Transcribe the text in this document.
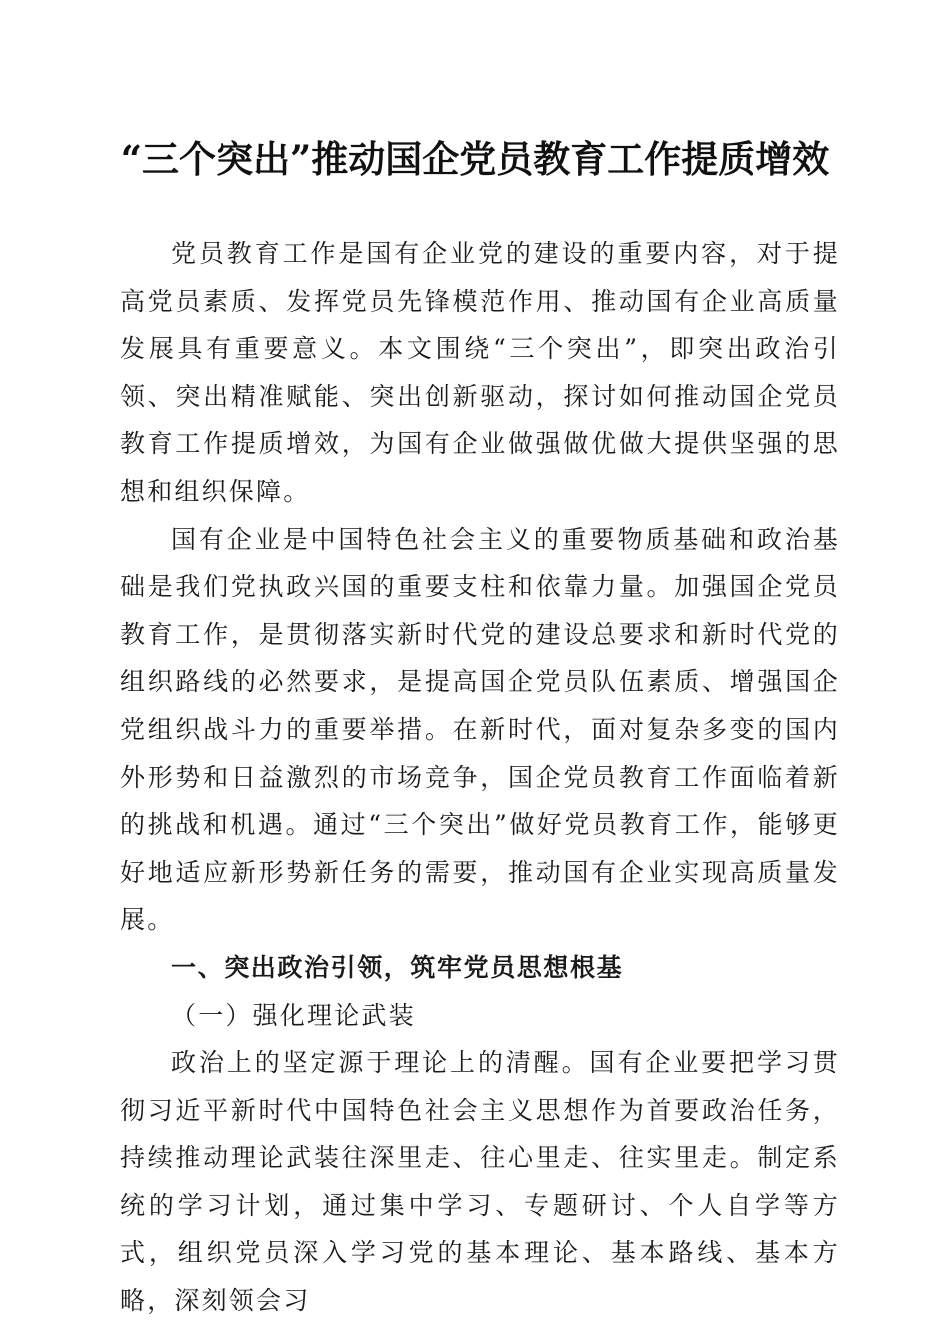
“三个突出”推动国企党员教育工作提质增效

党员教育工作是国有企业党的建设的重要内容，对于提高党员素质、发挥党员先锋模范作用、推动国有企业高质量发展具有重要意义。本文围绕“三个突出”，即突出政治引领、突出精准赋能、突出创新驱动，探讨如何推动国企党员教育工作提质增效，为国有企业做强做优做大提供坚强的思想和组织保障。

国有企业是中国特色社会主义的重要物质基础和政治基础是我们党执政兴国的重要支柱和依靠力量。加强国企党员教育工作，是贯彻落实新时代党的建设总要求和新时代党的组织路线的必然要求，是提高国企党员队伍素质、增强国企党组织战斗力的重要举措。在新时代，面对复杂多变的国内外形势和日益激烈的市场竞争，国企党员教育工作面临着新的挑战和机遇。通过“三个突出”做好党员教育工作，能够更好地适应新形势新任务的需要，推动国有企业实现高质量发展。

一、突出政治引领，筑牢党员思想根基

（一）强化理论武装

政治上的坚定源于理论上的清醒。国有企业要把学习贯彻习近平新时代中国特色社会主义思想作为首要政治任务，持续推动理论武装往深里走、往心里走、往实里走。制定系统的学习计划，通过集中学习、专题研讨、个人自学等方式，组织党员深入学习党的基本理论、基本路线、基本方略，深刻领会习
